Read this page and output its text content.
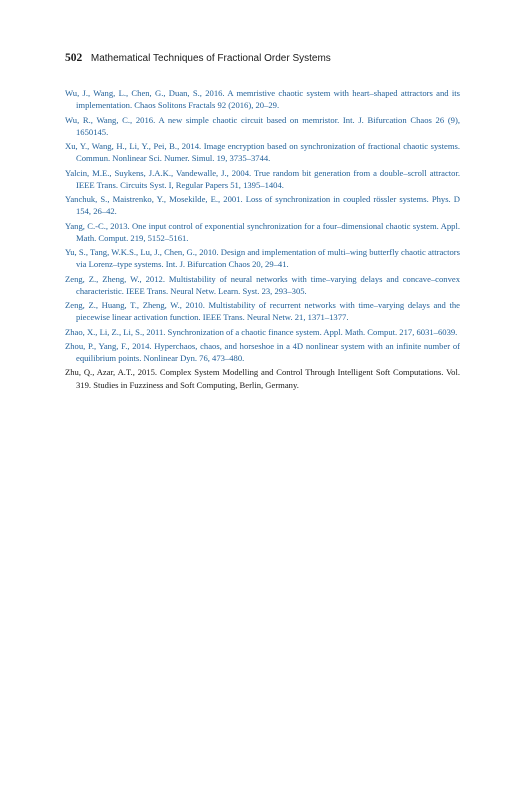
502 Mathematical Techniques of Fractional Order Systems
Wu, J., Wang, L., Chen, G., Duan, S., 2016. A memristive chaotic system with heart–shaped attractors and its implementation. Chaos Solitons Fractals 92 (2016), 20–29.
Wu, R., Wang, C., 2016. A new simple chaotic circuit based on memristor. Int. J. Bifurcation Chaos 26 (9), 1650145.
Xu, Y., Wang, H., Li, Y., Pei, B., 2014. Image encryption based on synchronization of fractional chaotic systems. Commun. Nonlinear Sci. Numer. Simul. 19, 3735–3744.
Yalcin, M.E., Suykens, J.A.K., Vandewalle, J., 2004. True random bit generation from a double–scroll attractor. IEEE Trans. Circuits Syst. I, Regular Papers 51, 1395–1404.
Yanchuk, S., Maistrenko, Y., Mosekilde, E., 2001. Loss of synchronization in coupled rössler systems. Phys. D 154, 26–42.
Yang, C.-C., 2013. One input control of exponential synchronization for a four–dimensional chaotic system. Appl. Math. Comput. 219, 5152–5161.
Yu, S., Tang, W.K.S., Lu, J., Chen, G., 2010. Design and implementation of multi–wing butterfly chaotic attractors via Lorenz–type systems. Int. J. Bifurcation Chaos 20, 29–41.
Zeng, Z., Zheng, W., 2012. Multistability of neural networks with time–varying delays and concave–convex characteristic. IEEE Trans. Neural Netw. Learn. Syst. 23, 293–305.
Zeng, Z., Huang, T., Zheng, W., 2010. Multistability of recurrent networks with time–varying delays and the piecewise linear activation function. IEEE Trans. Neural Netw. 21, 1371–1377.
Zhao, X., Li, Z., Li, S., 2011. Synchronization of a chaotic finance system. Appl. Math. Comput. 217, 6031–6039.
Zhou, P., Yang, F., 2014. Hyperchaos, chaos, and horseshoe in a 4D nonlinear system with an infinite number of equilibrium points. Nonlinear Dyn. 76, 473–480.
Zhu, Q., Azar, A.T., 2015. Complex System Modelling and Control Through Intelligent Soft Computations. Vol. 319. Studies in Fuzziness and Soft Computing, Berlin, Germany.
